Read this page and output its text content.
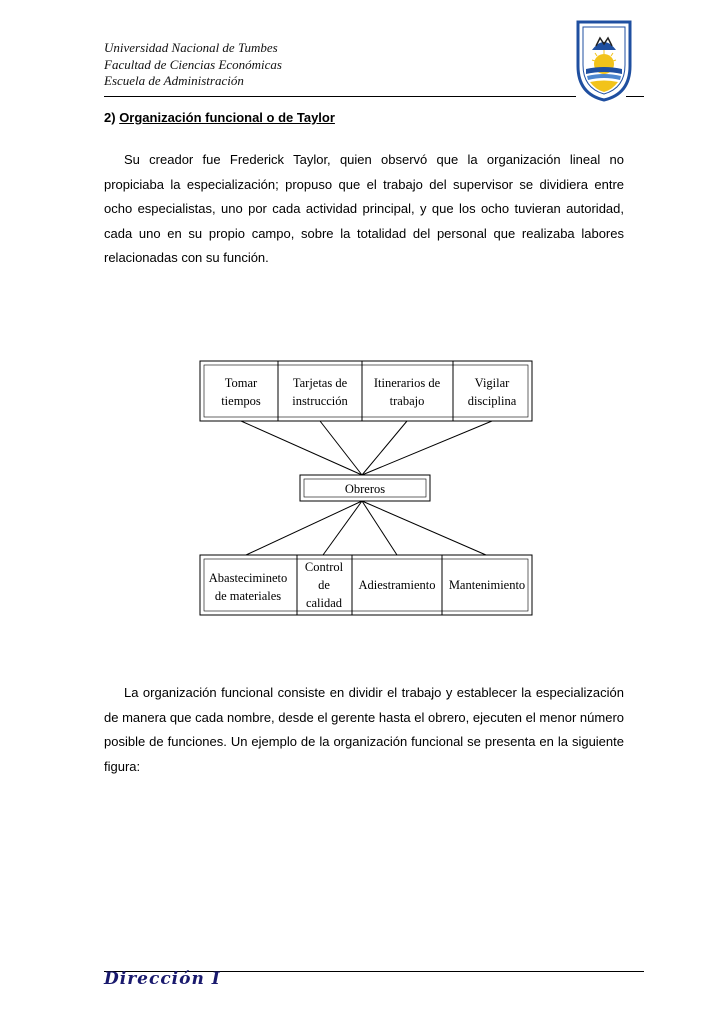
Universidad Nacional de Tumbes
Facultad de Ciencias Económicas
Escuela de Administración
2) Organización funcional o de Taylor
Su creador fue Frederick Taylor, quien observó que la organización lineal no propiciaba la especialización; propuso que el trabajo del supervisor se dividiera entre ocho especialistas, uno por cada actividad principal, y que los ocho tuvieran autoridad, cada uno en su propio campo, sobre la totalidad del personal que realizaba labores relacionadas con su función.
Tomar
tiempos
Tarjetas de
instrucción
Itinerarios de
trabajo
Vigilar
disciplina
Obreros
Abastecimineto
de materiales
Control
de
calidad
Adiestramiento Mantenimiento
La organización funcional consiste en dividir el trabajo y establecer la especialización de manera que cada nombre, desde el gerente hasta el obrero, ejecuten el menor número posible de funciones. Un ejemplo de la organización funcional se presenta en la siguiente figura:
Dirección I
